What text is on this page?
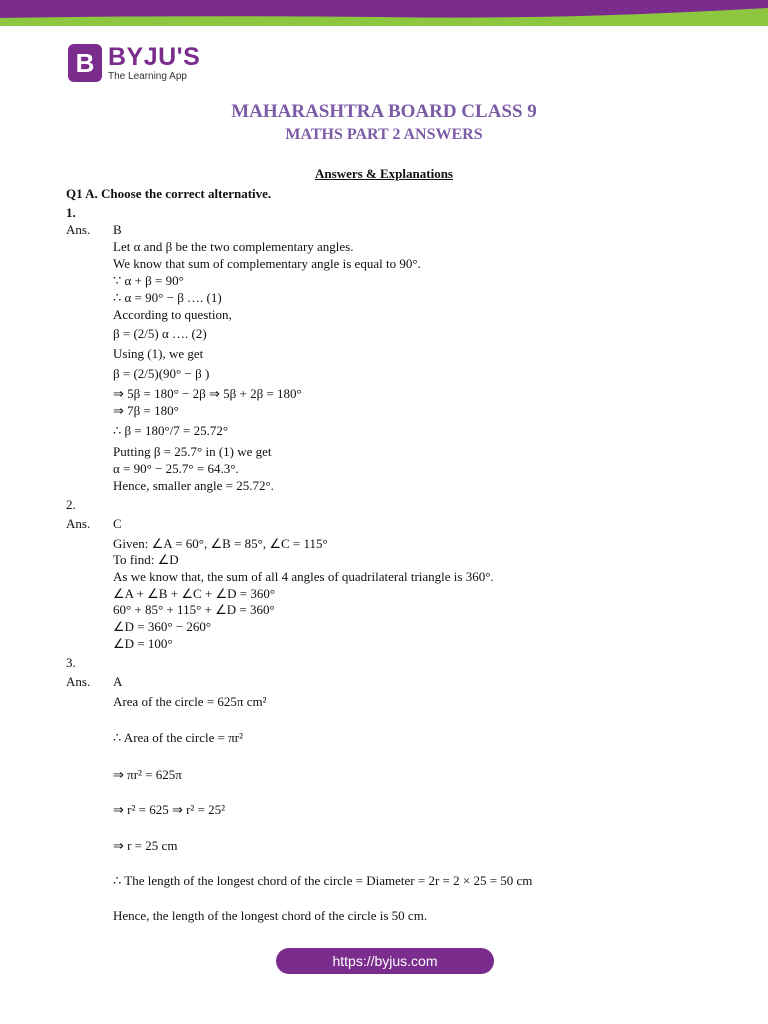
B BYJU'S
The Learning App
MAHARASHTRA BOARD CLASS 9
MATHS PART 2 ANSWERS
Answers & Explanations
Q1 A. Choose the correct alternative.
1.
Ans. B
Let α and β be the two complementary angles.
We know that sum of complementary angle is equal to 90°.
∵ α + β = 90°
∴ α = 90° − β …. (1)
According to question,
β = (2/5) α …. (2)
Using (1), we get
β = (2/5)(90° − β )
⇒ 5β = 180° − 2β ⇒ 5β + 2β = 180°
⇒ 7β = 180°
∴ β = 180°/7 = 25.72°
Putting β = 25.7° in (1) we get
α = 90° − 25.7° = 64.3°.
Hence, smaller angle = 25.72°.
2.
Ans. C
Given: ∠A = 60°, ∠B = 85°, ∠C = 115°
To find: ∠D
As we know that, the sum of all 4 angles of quadrilateral triangle is 360°.
∠A + ∠B + ∠C + ∠D = 360°
60° + 85° + 115° + ∠D = 360°
∠D = 360° − 260°
∠D = 100°
3.
Ans. A
Area of the circle = 625π cm²
∴ Area of the circle = πr²
⇒ πr² = 625π
⇒ r² = 625 ⇒ r² = 25²
⇒ r = 25 cm
∴ The length of the longest chord of the circle = Diameter = 2r = 2 × 25 = 50 cm
Hence, the length of the longest chord of the circle is 50 cm.
https://byjus.com
